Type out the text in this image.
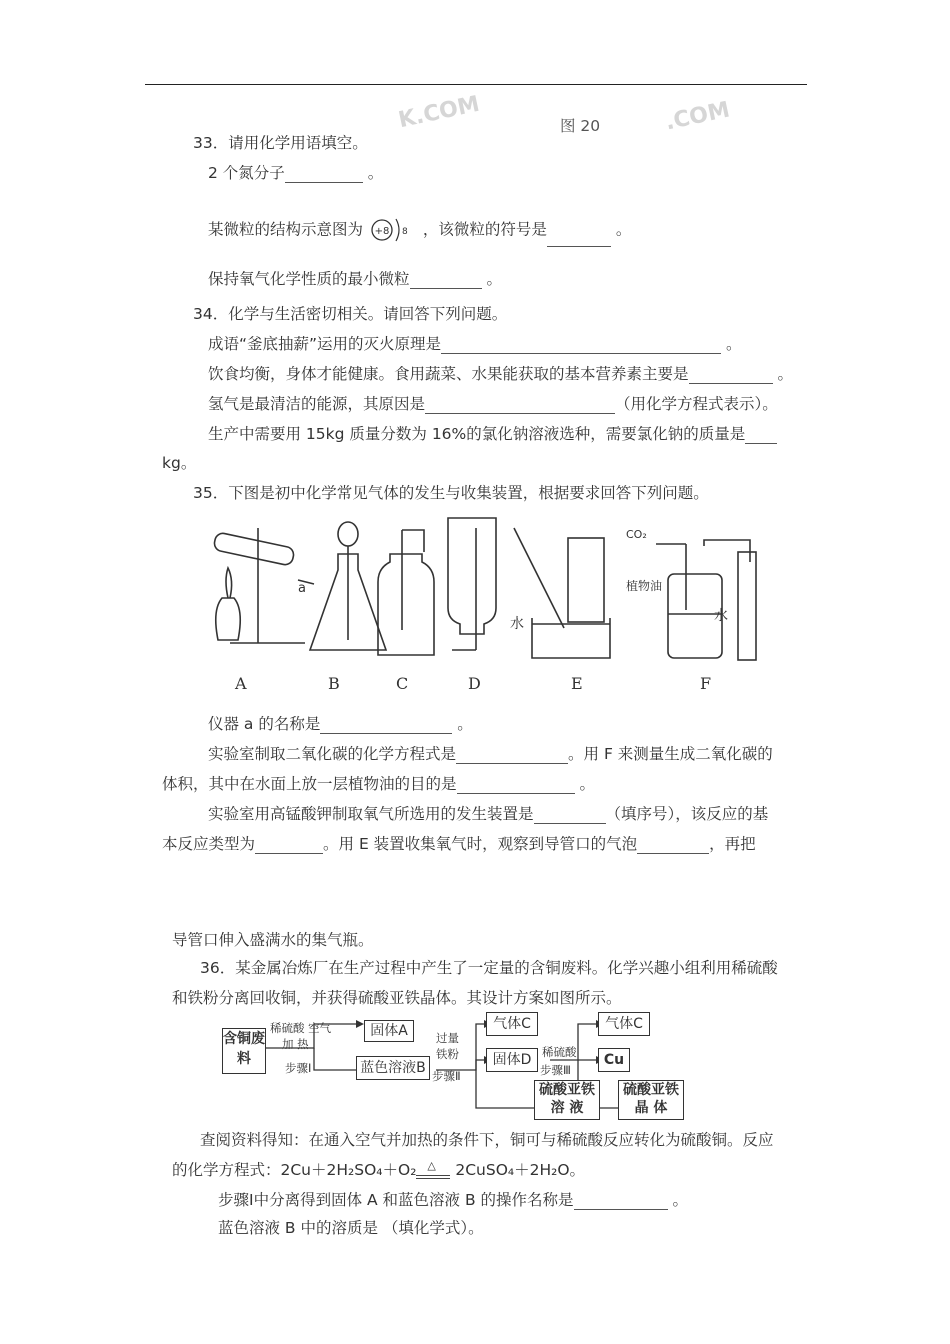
K.COM	.COM
图 20
33．请用化学用语填空。
2 个氮分子	。
某微粒的结构示意图为 +8 8 ，该微粒的符号是	。
保持氧气化学性质的最小微粒	。
34．化学与生活密切相关。请回答下列问题。
成语“釜底抽薪”运用的灭火原理是	。
饮食均衡，身体才能健康。食用蔬菜、水果能获取的基本营养素主要是	。
氢气是最清洁的能源，其原因是	（用化学方程式表示）。
生产中需要用 15kg 质量分数为 16%的氯化钠溶液选种，需要氯化钠的质量是
kg。
35．下图是初中化学常见气体的发生与收集装置，根据要求回答下列问题。
a
水
植物油
水
CO₂
A	B	C	D	E	F
仪器 a 的名称是	。
实验室制取二氧化碳的化学方程式是	。用 F 来测量生成二氧化碳的
体积，其中在水面上放一层植物油的目的是	。
实验室用高锰酸钾制取氧气所选用的发生装置是	（填序号），该反应的基
本反应类型为	。用 E 装置收集氧气时，观察到导管口的气泡	，再把
导管口伸入盛满水的集气瓶。
36．某金属冶炼厂在生产过程中产生了一定量的含铜废料。化学兴趣小组利用稀硫酸
和铁粉分离回收铜，并获得硫酸亚铁晶体。其设计方案如图所示。
含铜废料
稀硫酸 空气
加 热
步骤Ⅰ
固体A
蓝色溶液B
过量
铁粉
步骤Ⅱ
气体C
固体D 稀硫酸
步骤Ⅲ
气体C
Cu
硫酸亚铁溶 液
硫酸亚铁晶 体
查阅资料得知：在通入空气并加热的条件下，铜可与稀硫酸反应转化为硫酸铜。反应
的化学方程式：2Cu＋2H₂SO₄＋O₂ △ 2CuSO₄＋2H₂O。
步骤Ⅰ中分离得到固体 A 和蓝色溶液 B 的操作名称是	。
蓝色溶液 B 中的溶质是 （填化学式）。
